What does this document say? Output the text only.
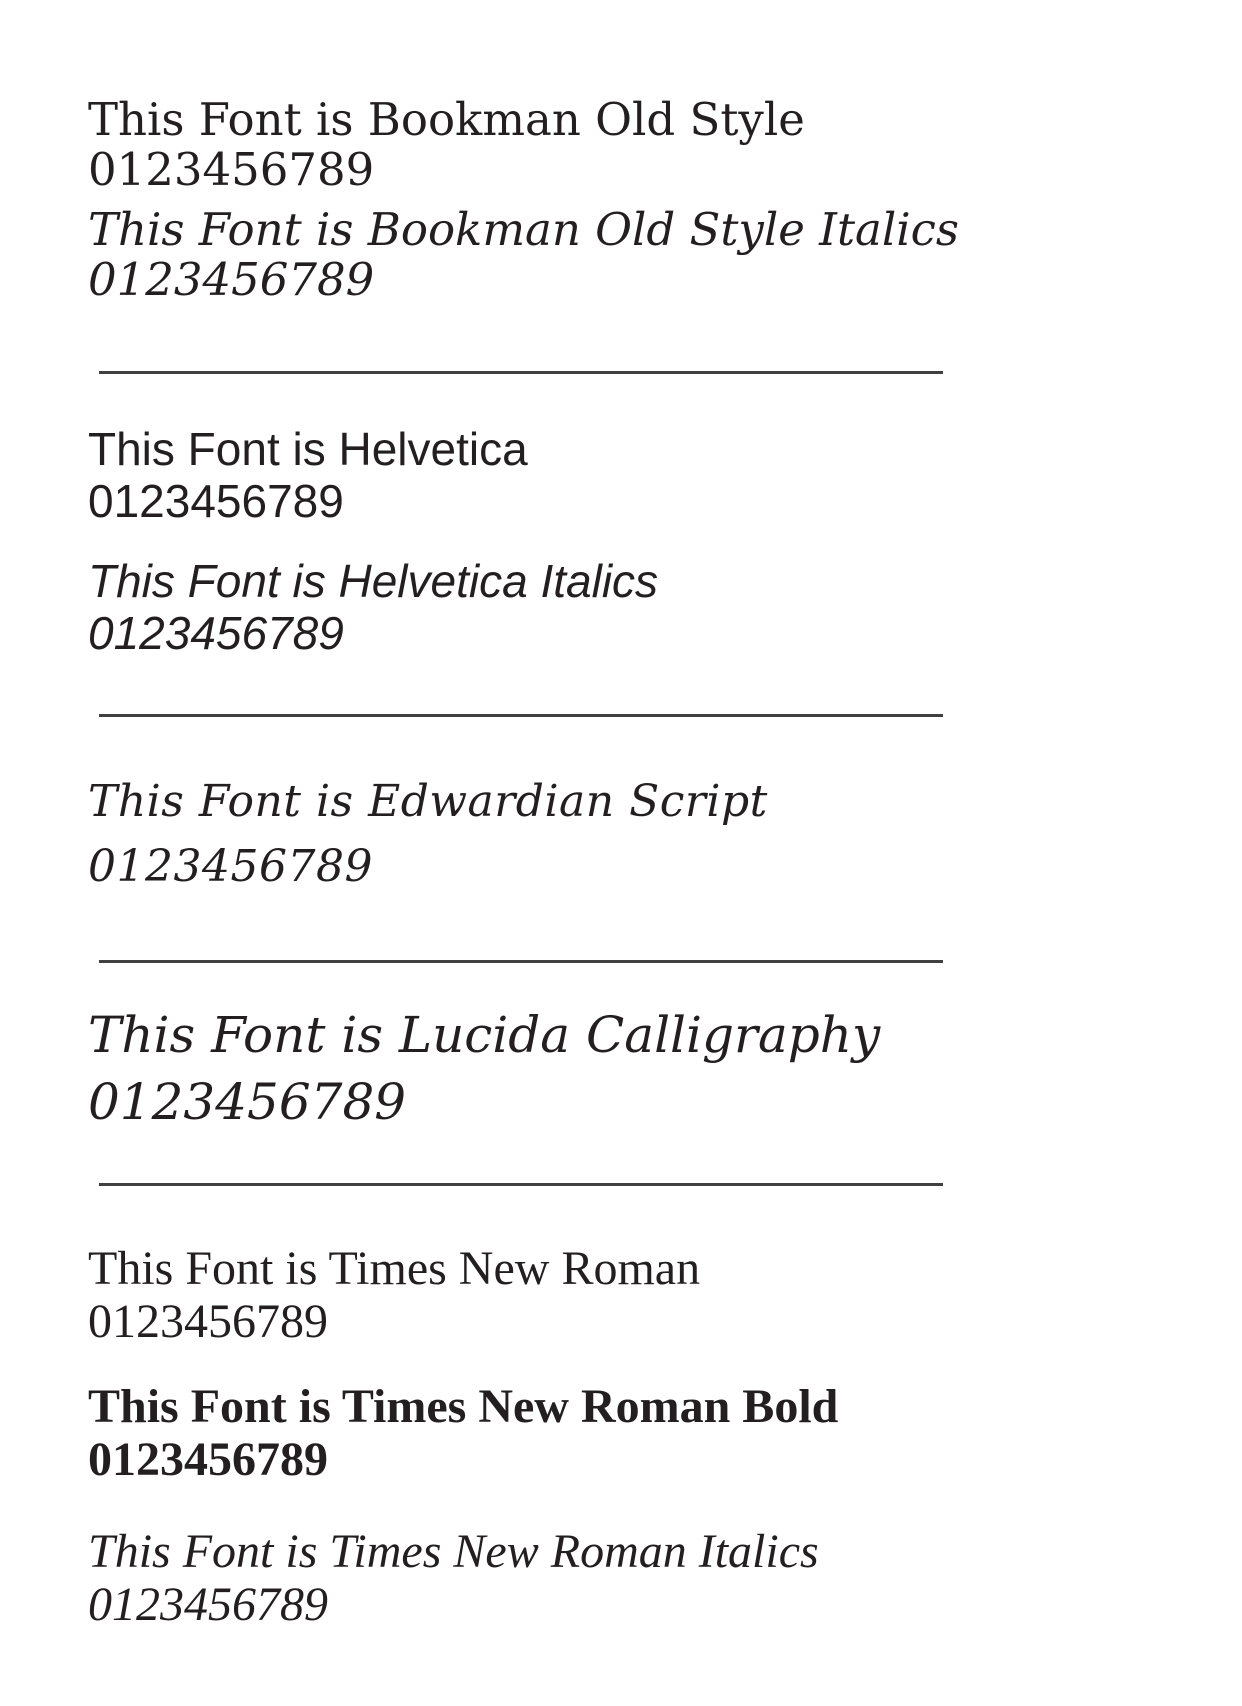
This Font is Bookman Old Style
0123456789
This Font is Bookman Old Style Italics
0123456789
This Font is Helvetica
0123456789
This Font is Helvetica Italics
0123456789
This Font is Edwardian Script
0123456789
This Font is Lucida Calligraphy
0123456789
This Font is Times New Roman
0123456789
This Font is Times New Roman Bold
0123456789
This Font is Times New Roman Italics
0123456789
